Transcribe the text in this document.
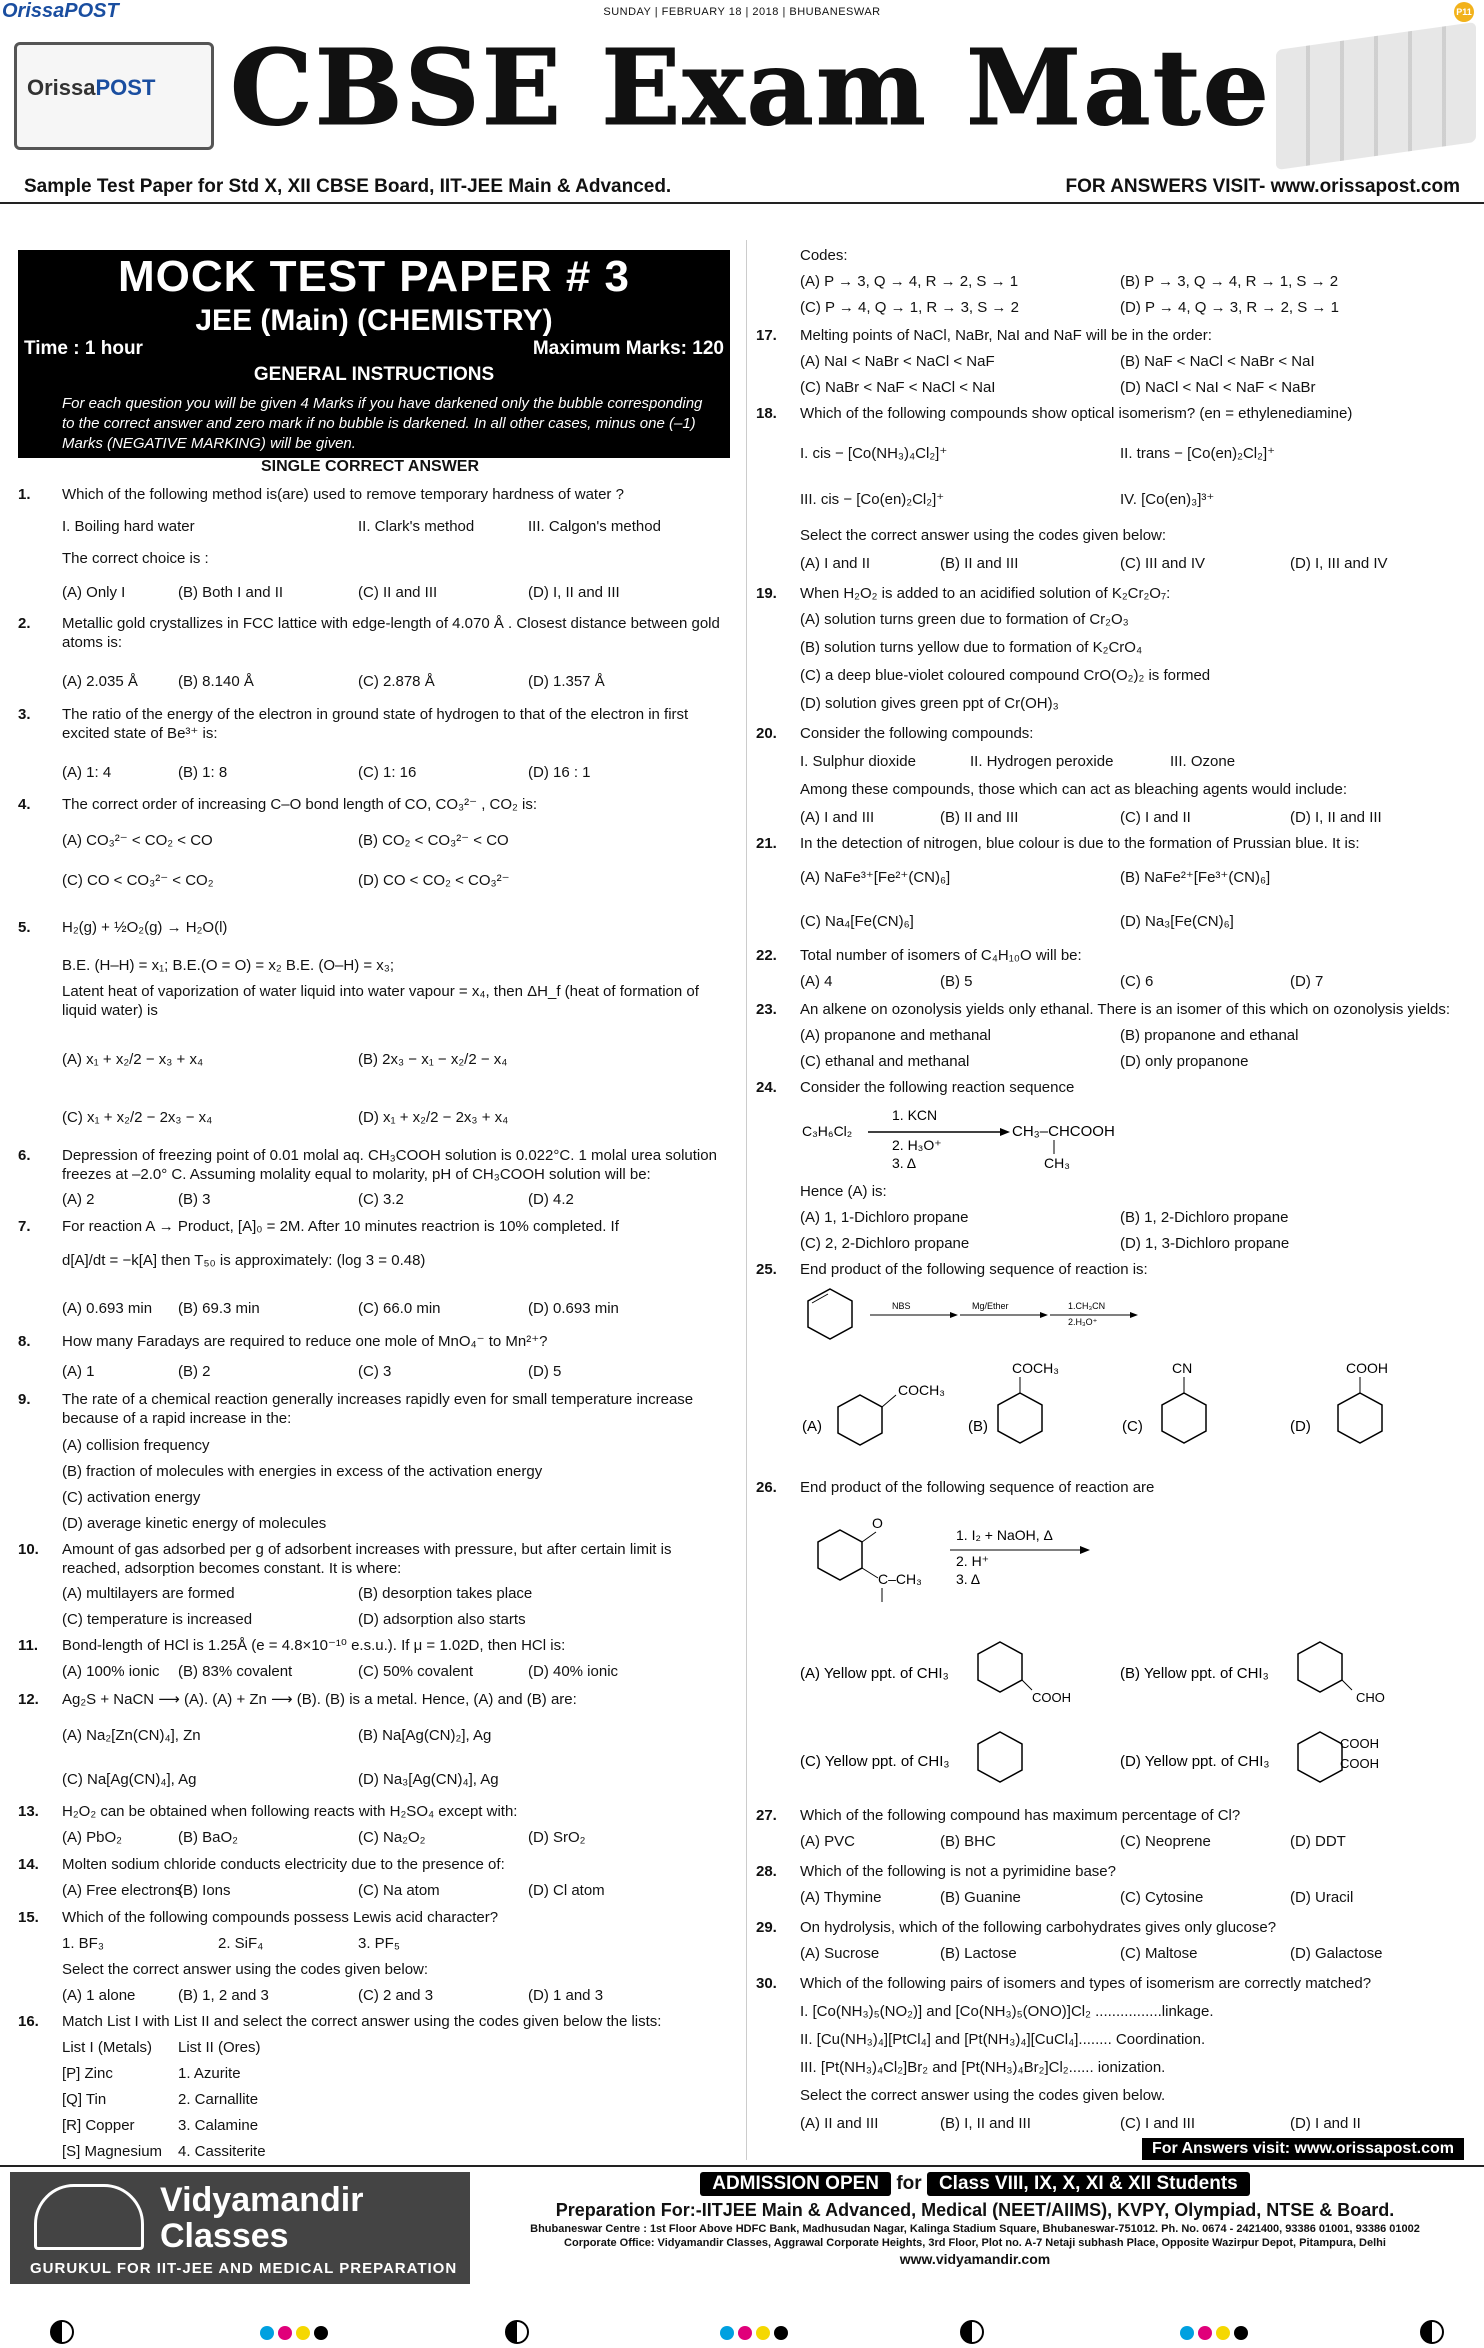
OrissaPOST	SUNDAY | FEBRUARY 18 | 2018 | BHUBANESWAR	P11
OrissaPOST CBSE Exam Mate
Sample Test Paper for Std X, XII CBSE Board, IIT-JEE Main & Advanced.	FOR ANSWERS VISIT- www.orissapost.com
MOCK TEST PAPER # 3
JEE (Main) (CHEMISTRY)
Time : 1 hour	Maximum Marks: 120
GENERAL INSTRUCTIONS
For each question you will be given 4 Marks if you have darkened only the bubble corresponding to the correct answer and zero mark if no bubble is darkened. In all other cases, minus one (–1) Marks (NEGATIVE MARKING) will be given.
SINGLE CORRECT ANSWER
1. Which of the following method is(are) used to remove temporary hardness of water ?
I. Boiling hard water	II. Clark's method	III. Calgon's method
The correct choice is :
(A) Only I	(B) Both I and II	(C) II and III	(D) I, II and III
2. Metallic gold crystallizes in FCC lattice with edge-length of 4.070 Å . Closest distance between gold atoms is:
(A) 2.035 Å	(B) 8.140 Å	(C) 2.878 Å	(D) 1.357 Å
3. The ratio of the energy of the electron in ground state of hydrogen to that of the electron in first excited state of Be³⁺ is:
(A) 1: 4	(B) 1: 8	(C) 1: 16	(D) 16 : 1
4. The correct order of increasing C–O bond length of CO, CO₃²⁻ , CO₂ is:
(A) CO₃²⁻ < CO₂ < CO	(B) CO₂ < CO₃²⁻ < CO
(C) CO < CO₃²⁻ < CO₂	(D) CO < CO₂ < CO₃²⁻
5. H₂(g) + ½O₂(g) → H₂O(l)
B.E. (H–H) = x₁; B.E.(O = O) = x₂ B.E. (O–H) = x₃;
Latent heat of vaporization of water liquid into water vapour = x₄, then ΔH_f (heat of formation of
liquid water) is
(A) x₁ + x₂/2 − x₃ + x₄	(B) 2x₃ − x₁ − x₂/2 − x₄
(C) x₁ + x₂/2 − 2x₃ − x₄	(D) x₁ + x₂/2 − 2x₃ + x₄
6. Depression of freezing point of 0.01 molal aq. CH₃COOH solution is 0.022°C. 1 molal urea solution freezes at –2.0° C. Assuming molality equal to molarity, pH of CH₃COOH solution will be:
(A) 2	(B) 3	(C) 3.2	(D) 4.2
7. For reaction A → Product, [A]₀ = 2M. After 10 minutes reactrion is 10% completed. If
d[A]/dt = −k[A] then T₅₀ is approximately: (log 3 = 0.48)
(A) 0.693 min (B) 69.3 min	(C) 66.0 min	(D) 0.693 min
8. How many Faradays are required to reduce one mole of MnO₄⁻ to Mn²⁺?
(A) 1	(B) 2	(C) 3	(D) 5
9. The rate of a chemical reaction generally increases rapidly even for small temperature increase because of a rapid increase in the:
(A) collision frequency
(B) fraction of molecules with energies in excess of the activation energy
(C) activation energy
(D) average kinetic energy of molecules
10. Amount of gas adsorbed per g of adsorbent increases with pressure, but after certain limit is reached, adsorption becomes constant. It is where:
(A) multilayers are formed	(B) desorption takes place
(C) temperature is increased	(D) adsorption also starts
11. Bond-length of HCl is 1.25Å (e = 4.8×10⁻¹⁰ e.s.u.). If μ = 1.02D, then HCl is:
(A) 100% ionic (B) 83% covalent	(C) 50% covalent	(D) 40% ionic
12. Ag₂S + NaCN ⟶ (A). (A) + Zn ⟶ (B). (B) is a metal. Hence, (A) and (B) are:
(A) Na₂[Zn(CN)₄], Zn	(B) Na[Ag(CN)₂], Ag
(C) Na[Ag(CN)₄], Ag	(D) Na₃[Ag(CN)₄], Ag
13. H₂O₂ can be obtained when following reacts with H₂SO₄ except with:
(A) PbO₂	(B) BaO₂	(C) Na₂O₂	(D) SrO₂
14. Molten sodium chloride conducts electricity due to the presence of:
(A) Free electrons
(B) Ions	(C) Na atom	(D) Cl atom
15. Which of the following compounds possess Lewis acid character?
1. BF₃	2. SiF₄	3. PF₅
Select the correct answer using the codes given below:
(A) 1 alone	(B) 1, 2 and 3	(C) 2 and 3	(D) 1 and 3
16. Match List I with List II and select the correct answer using the codes given below the lists:
List I (Metals) List II (Ores)
[P] Zinc	1. Azurite
[Q] Tin	2. Carnallite
[R] Copper	3. Calamine
[S] Magnesium 4. Cassiterite
Codes:
(A) P → 3, Q → 4, R → 2, S → 1	(B) P → 3, Q → 4, R → 1, S → 2
(C) P → 4, Q → 1, R → 3, S → 2	(D) P → 4, Q → 3, R → 2, S → 1
17. Melting points of NaCl, NaBr, NaI and NaF will be in the order:
(A) NaI < NaBr < NaCl < NaF	(B) NaF < NaCl < NaBr < NaI
(C) NaBr < NaF < NaCl < NaI	(D) NaCl < NaI < NaF < NaBr
18. Which of the following compounds show optical isomerism? (en = ethylenediamine)
I. cis − [Co(NH₃)₄Cl₂]⁺	II. trans − [Co(en)₂Cl₂]⁺
III. cis − [Co(en)₂Cl₂]⁺	IV. [Co(en)₃]³⁺
Select the correct answer using the codes given below:
(A) I and II	(B) II and III	(C) III and IV	(D) I, III and IV
19. When H₂O₂ is added to an acidified solution of K₂Cr₂O₇:
(A) solution turns green due to formation of Cr₂O₃
(B) solution turns yellow due to formation of K₂CrO₄
(C) a deep blue-violet coloured compound CrO(O₂)₂ is formed
(D) solution gives green ppt of Cr(OH)₃
20. Consider the following compounds:
I. Sulphur dioxide	II. Hydrogen peroxide	III. Ozone
Among these compounds, those which can act as bleaching agents would include:
(A) I and III	(B) II and III	(C) I and II	(D) I, II and III
21. In the detection of nitrogen, blue colour is due to the formation of Prussian blue. It is:
(A) NaFe³⁺[Fe²⁺(CN)₆]	(B) NaFe²⁺[Fe³⁺(CN)₆]
(C) Na₄[Fe(CN)₆]	(D) Na₃[Fe(CN)₆]
22. Total number of isomers of C₄H₁₀O will be:
(A) 4	(B) 5	(C) 6	(D) 7
23. An alkene on ozonolysis yields only ethanal. There is an isomer of this which on ozonolysis yields:
(A) propanone and methanal	(B) propanone and ethanal
(C) ethanal and methanal	(D) only propanone
24. Consider the following reaction sequence
Hence (A) is:
(A) 1, 1-Dichloro propane	(B) 1, 2-Dichloro propane
(C) 2, 2-Dichloro propane	(D) 1, 3-Dichloro propane
25. End product of the following sequence of reaction is:
26. End product of the following sequence of reaction are
27. Which of the following compound has maximum percentage of Cl?
(A) PVC	(B) BHC	(C) Neoprene	(D) DDT
28. Which of the following is not a pyrimidine base?
(A) Thymine	(B) Guanine	(C) Cytosine	(D) Uracil
29. On hydrolysis, which of the following carbohydrates gives only glucose?
(A) Sucrose	(B) Lactose	(C) Maltose	(D) Galactose
30. Which of the following pairs of isomers and types of isomerism are correctly matched?
I. [Co(NH₃)₅(NO₂)] and [Co(NH₃)₅(ONO)]Cl₂ ................linkage.
II. [Cu(NH₃)₄][PtCl₄] and [Pt(NH₃)₄][CuCl₄]........ Coordination.
III. [Pt(NH₃)₄Cl₂]Br₂ and [Pt(NH₃)₄Br₂]Cl₂...... ionization.
Select the correct answer using the codes given below.
(A) II and III	(B) I, II and III	(C) I and III	(D) I and II
C₃H₆Cl₂
1. KCN
2. H₃O⁺
3. Δ
CH₃–CHCOOH
CH₃
NBS	Mg/Ether	1.CH₃CN
2.H₃O⁺
(A)
COCH₃
(B)
COCH₃
(C)
CN
(D)
COOH
O
C–CH₃
1. I₂ + NaOH, Δ
2. H⁺
3. Δ
(A) Yellow ppt. of CHI₃
COOH
(B) Yellow ppt. of CHI₃
CHO
(C) Yellow ppt. of CHI₃	(D) Yellow ppt. of CHI₃
COOH
COOH
For Answers visit: www.orissapost.com
Vidyamandir
Classes
GURUKUL FOR IIT-JEE AND MEDICAL PREPARATION
ADMISSION OPEN for Class VIII, IX, X, XI & XII Students
Preparation For:-IITJEE Main & Advanced, Medical (NEET/AIIMS), KVPY, Olympiad, NTSE & Board.
Bhubaneswar Centre : 1st Floor Above HDFC Bank, Madhusudan Nagar, Kalinga Stadium Square, Bhubaneswar-751012. Ph. No. 0674 - 2421400, 93386 01001, 93386 01002
Corporate Office: Vidyamandir Classes, Aggrawal Corporate Heights, 3rd Floor, Plot no. A-7 Netaji subhash Place, Opposite Wazirpur Depot, Pitampura, Delhi
www.vidyamandir.com
